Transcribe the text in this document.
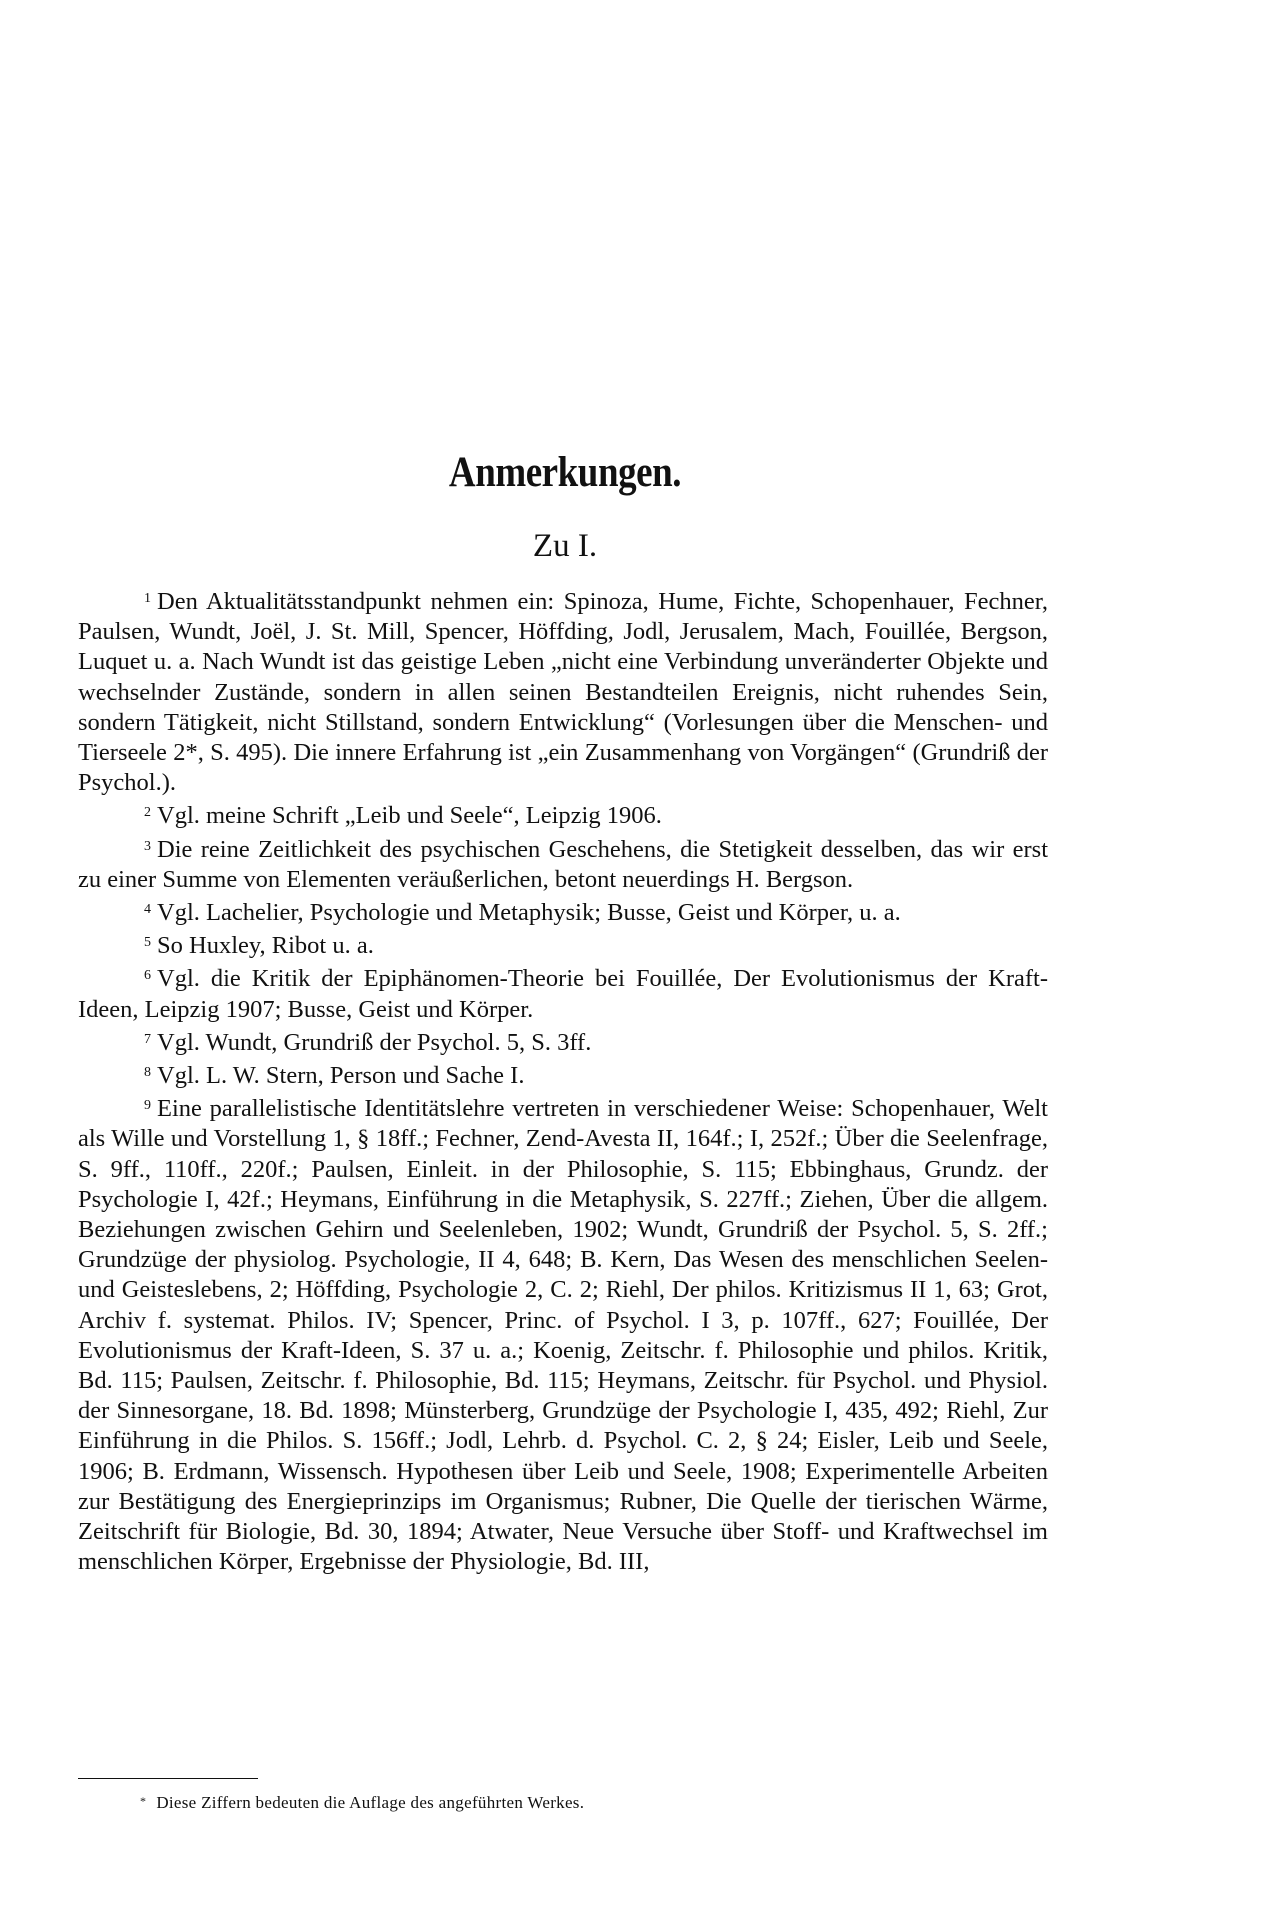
Anmerkungen.
Zu I.

$^1$ Den Aktualitätsstandpunkt nehmen ein: Spinoza, Hume, Fichte, Schopenhauer, Fechner, Paulsen, Wundt, Joël, J. St. Mill, Spencer, Höffding, Jodl, Jerusalem, Mach, Fouillée, Bergson, Luquet u. a. Nach Wundt ist das geistige Leben „nicht eine Verbindung unveränderter Objekte und wechselnder Zustände, sondern in allen seinen Bestandteilen Ereignis, nicht ruhendes Sein, sondern Tätigkeit, nicht Stillstand, sondern Entwicklung“ (Vorlesungen über die Menschen- und Tierseele 2*, S. 495). Die innere Erfahrung ist „ein Zusammenhang von Vorgängen“ (Grundriß der Psychol.).

$^2$ Vgl. meine Schrift „Leib und Seele“, Leipzig 1906.

$^3$ Die reine Zeitlichkeit des psychischen Geschehens, die Stetigkeit desselben, das wir erst zu einer Summe von Elementen veräußerlichen, betont neuerdings H. Bergson.

$^4$ Vgl. Lachelier, Psychologie und Metaphysik; Busse, Geist und Körper, u. a.

$^5$ So Huxley, Ribot u. a.

$^6$ Vgl. die Kritik der Epiphänomen-Theorie bei Fouillée, Der Evolutionismus der Kraft-Ideen, Leipzig 1907; Busse, Geist und Körper.

$^7$ Vgl. Wundt, Grundriß der Psychol. 5, S. 3ff.

$^8$ Vgl. L. W. Stern, Person und Sache I.

$^9$ Eine parallelistische Identitätslehre vertreten in verschiedener Weise: Schopenhauer, Welt als Wille und Vorstellung 1, § 18ff.; Fechner, Zend-Avesta II, 164f.; I, 252f.; Über die Seelenfrage, S. 9ff., 110ff., 220f.; Paulsen, Einleit. in der Philosophie, S. 115; Ebbinghaus, Grundz. der Psychologie I, 42f.; Heymans, Einführung in die Metaphysik, S. 227ff.; Ziehen, Über die allgem. Beziehungen zwischen Gehirn und Seelenleben, 1902; Wundt, Grundriß der Psychol. 5, S. 2ff.; Grundzüge der physiolog. Psychologie, II 4, 648; B. Kern, Das Wesen des menschlichen Seelen- und Geisteslebens, 2; Höffding, Psychologie 2, C. 2; Riehl, Der philos. Kritizismus II 1, 63; Grot, Archiv f. systemat. Philos. IV; Spencer, Princ. of Psychol. I 3, p. 107ff., 627; Fouillée, Der Evolutionismus der Kraft-Ideen, S. 37 u. a.; Koenig, Zeitschr. f. Philosophie und philos. Kritik, Bd. 115; Paulsen, Zeitschr. f. Philosophie, Bd. 115; Heymans, Zeitschr. für Psychol. und Physiol. der Sinnesorgane, 18. Bd. 1898; Münsterberg, Grundzüge der Psychologie I, 435, 492; Riehl, Zur Einführung in die Philos. S. 156ff.; Jodl, Lehrb. d. Psychol. C. 2, § 24; Eisler, Leib und Seele, 1906; B. Erdmann, Wissensch. Hypothesen über Leib und Seele, 1908; Experimentelle Arbeiten zur Bestätigung des Energieprinzips im Organismus; Rubner, Die Quelle der tierischen Wärme, Zeitschrift für Biologie, Bd. 30, 1894; Atwater, Neue Versuche über Stoff- und Kraftwechsel im menschlichen Körper, Ergebnisse der Physiologie, Bd. III,

* Diese Ziffern bedeuten die Auflage des angeführten Werkes.
